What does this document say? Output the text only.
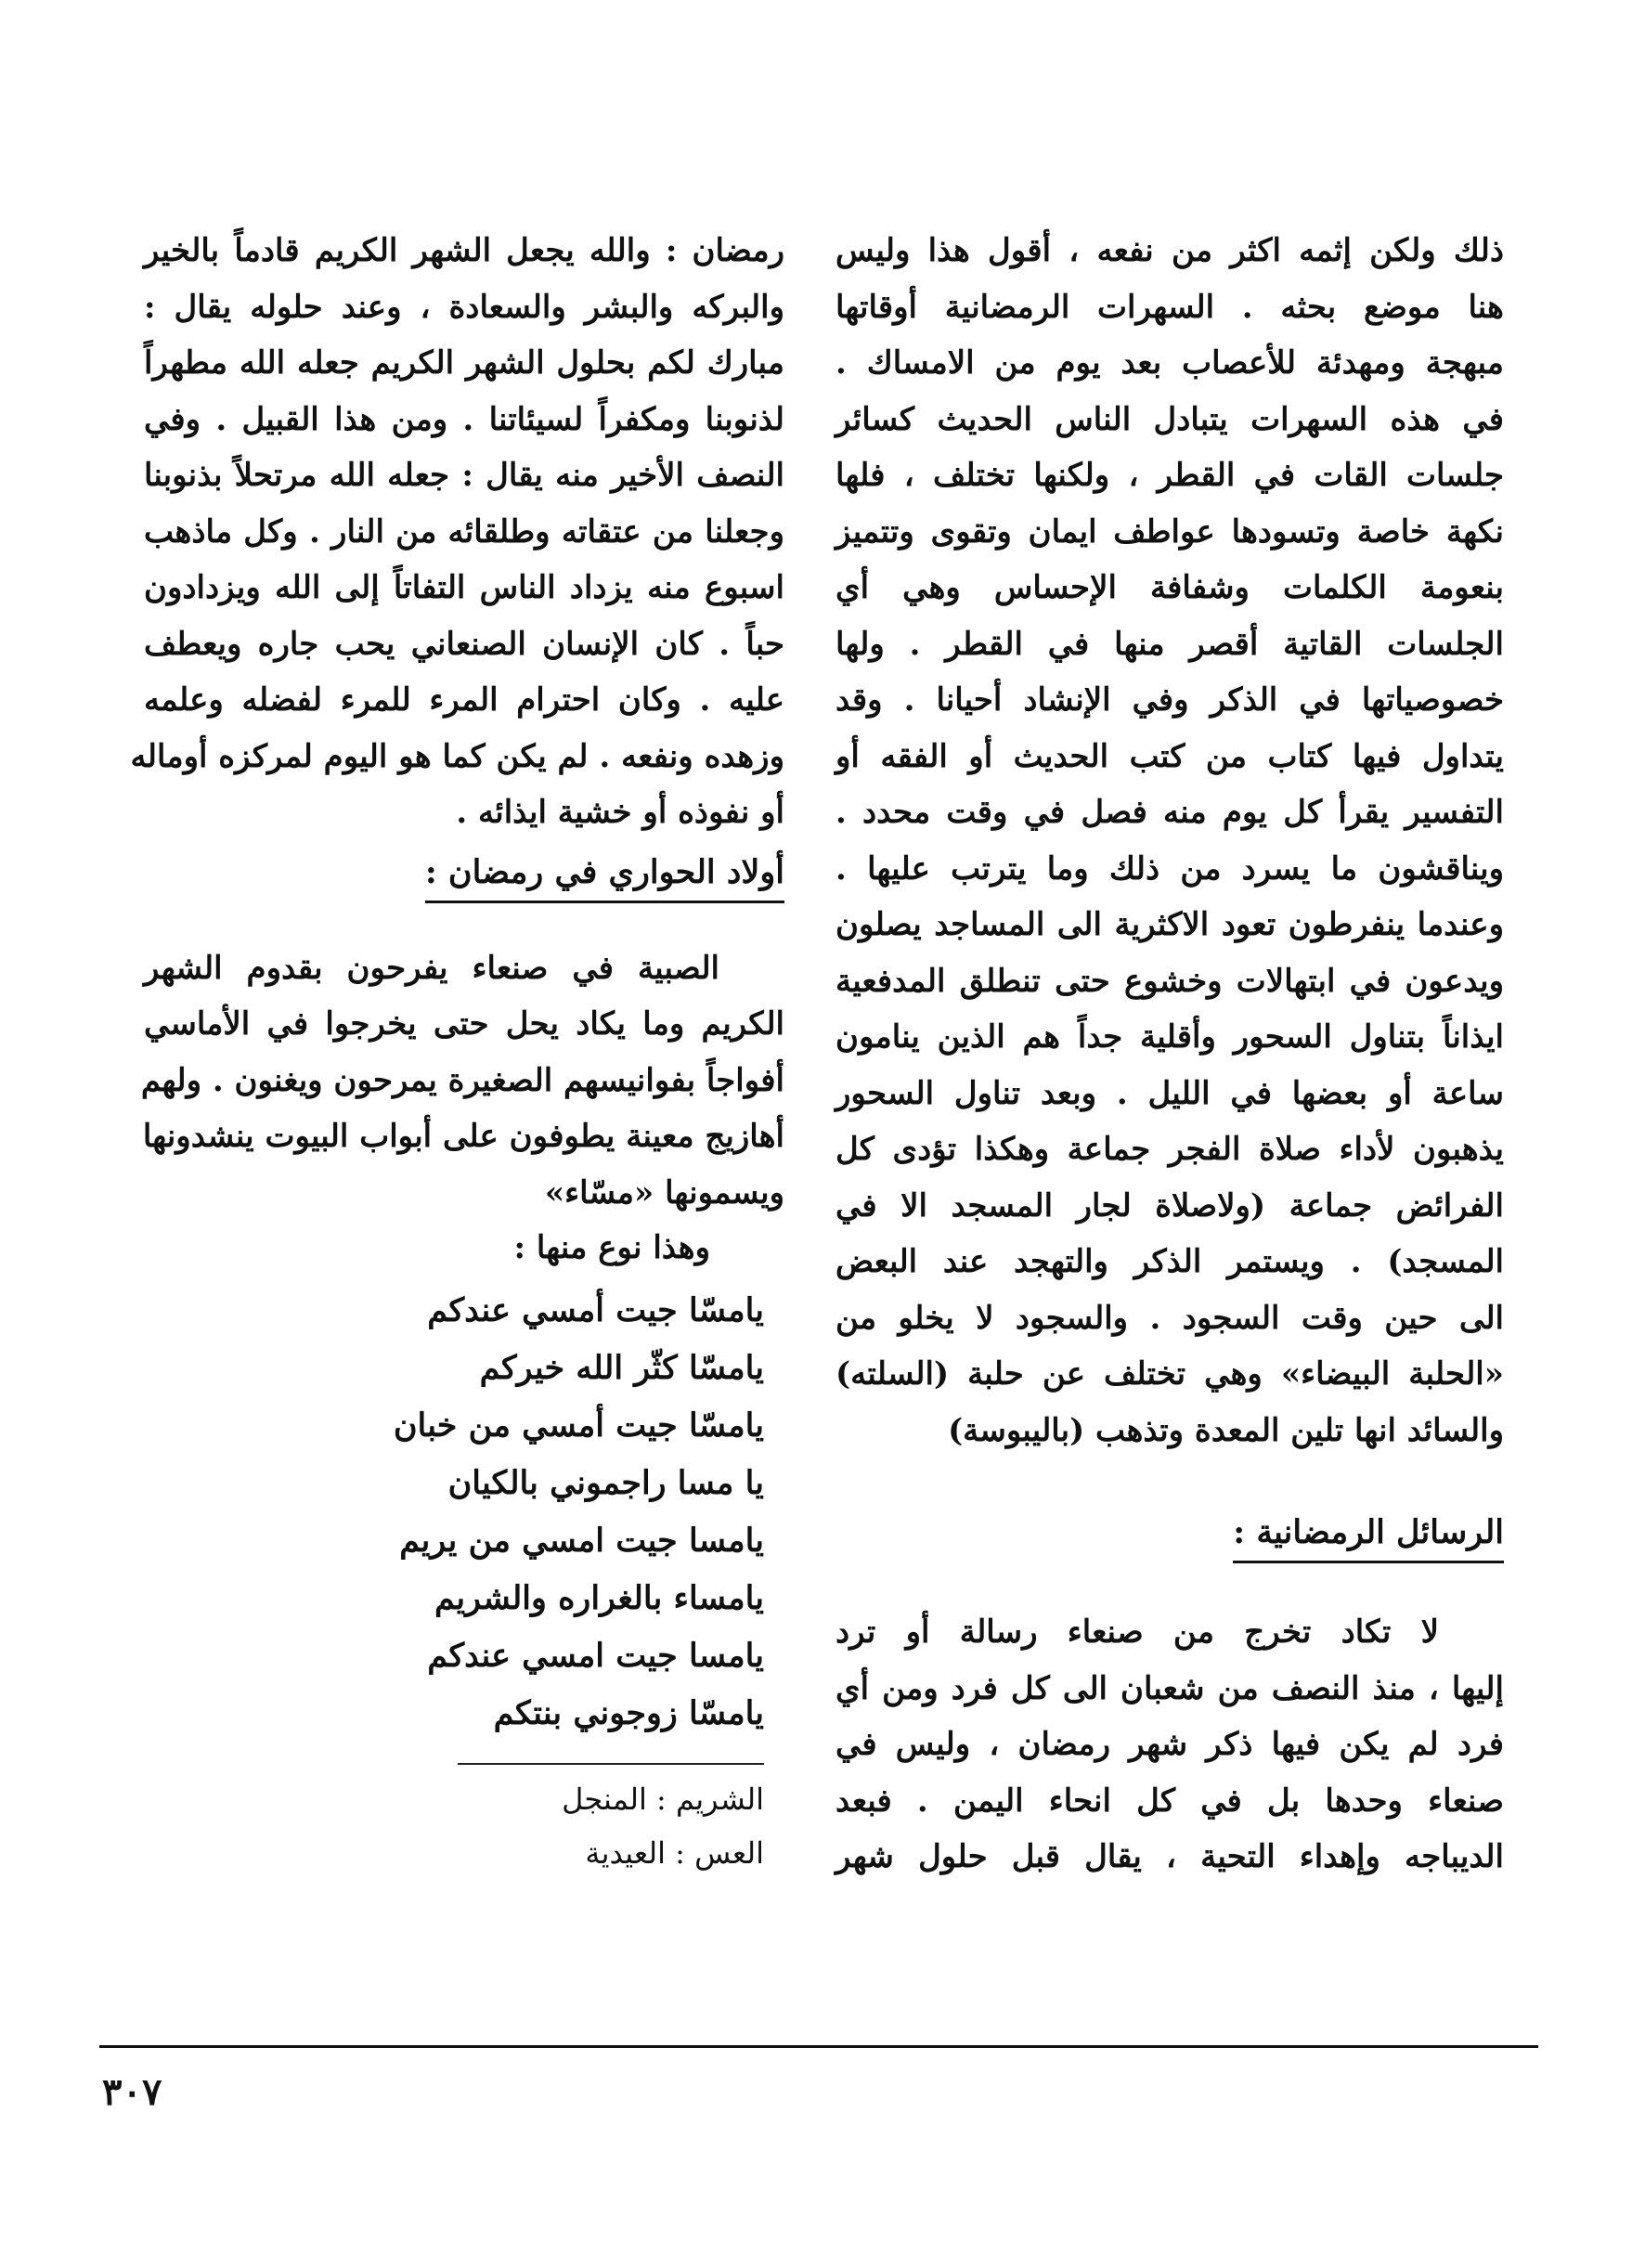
ذلك ولكن إثمه اكثر من نفعه ، أقول هذا وليس
هنا موضع بحثه . السهرات الرمضانية أوقاتها
مبهجة ومهدئة للأعصاب بعد يوم من الامساك .
في هذه السهرات يتبادل الناس الحديث كسائر
جلسات القات في القطر ، ولكنها تختلف ، فلها
نكهة خاصة وتسودها عواطف ايمان وتقوى وتتميز
بنعومة الكلمات وشفافة الإحساس وهي أي
الجلسات القاتية أقصر منها في القطر . ولها
خصوصياتها في الذكر وفي الإنشاد أحيانا . وقد
يتداول فيها كتاب من كتب الحديث أو الفقه أو
التفسير يقرأ كل يوم منه فصل في وقت محدد .
ويناقشون ما يسرد من ذلك وما يترتب عليها .
وعندما ينفرطون تعود الاكثرية الى المساجد يصلون
ويدعون في ابتهالات وخشوع حتى تنطلق المدفعية
ايذاناً بتناول السحور وأقلية جداً هم الذين ينامون
ساعة أو بعضها في الليل . وبعد تناول السحور
يذهبون لأداء صلاة الفجر جماعة وهكذا تؤدى كل
الفرائض جماعة (ولاصلاة لجار المسجد الا في
المسجد) . ويستمر الذكر والتهجد عند البعض
الى حين وقت السجود . والسجود لا يخلو من
«الحلبة البيضاء» وهي تختلف عن حلبة (السلته)
والسائد انها تلين المعدة وتذهب (باليبوسة)
الرسائل الرمضانية :
لا تكاد تخرج من صنعاء رسالة أو ترد
إليها ، منذ النصف من شعبان الى كل فرد ومن أي
فرد لم يكن فيها ذكر شهر رمضان ، وليس في
صنعاء وحدها بل في كل انحاء اليمن . فبعد
الديباجه وإهداء التحية ، يقال قبل حلول شهر
رمضان : والله يجعل الشهر الكريم قادماً بالخير
والبركه والبشر والسعادة ، وعند حلوله يقال :
مبارك لكم بحلول الشهر الكريم جعله الله مطهراً
لذنوبنا ومكفراً لسيئاتنا . ومن هذا القبيل . وفي
النصف الأخير منه يقال : جعله الله مرتحلاً بذنوبنا
وجعلنا من عتقاته وطلقائه من النار . وكل ماذهب
اسبوع منه يزداد الناس التفاتاً إلى الله ويزدادون
حباً . كان الإنسان الصنعاني يحب جاره ويعطف
عليه . وكان احترام المرء للمرء لفضله وعلمه
وزهده ونفعه . لم يكن كما هو اليوم لمركزه أوماله
أو نفوذه أو خشية ايذائه .
أولاد الحواري في رمضان :
الصبية في صنعاء يفرحون بقدوم الشهر
الكريم وما يكاد يحل حتى يخرجوا في الأماسي
أفواجاً بفوانيسهم الصغيرة يمرحون ويغنون . ولهم
أهازيج معينة يطوفون على أبواب البيوت ينشدونها
ويسمونها «مسّاء»
وهذا نوع منها :
يامسّا جيت أمسي عندكم
يامسّا كثّر الله خيركم
يامسّا جيت أمسي من خبان
يا مسا راجموني بالكيان
يامسا جيت امسي من يريم
يامساء بالغراره والشريم
يامسا جيت امسي عندكم
يامسّا زوجوني بنتكم
الشريم : المنجل
العس : العيدية
٣٠٧
